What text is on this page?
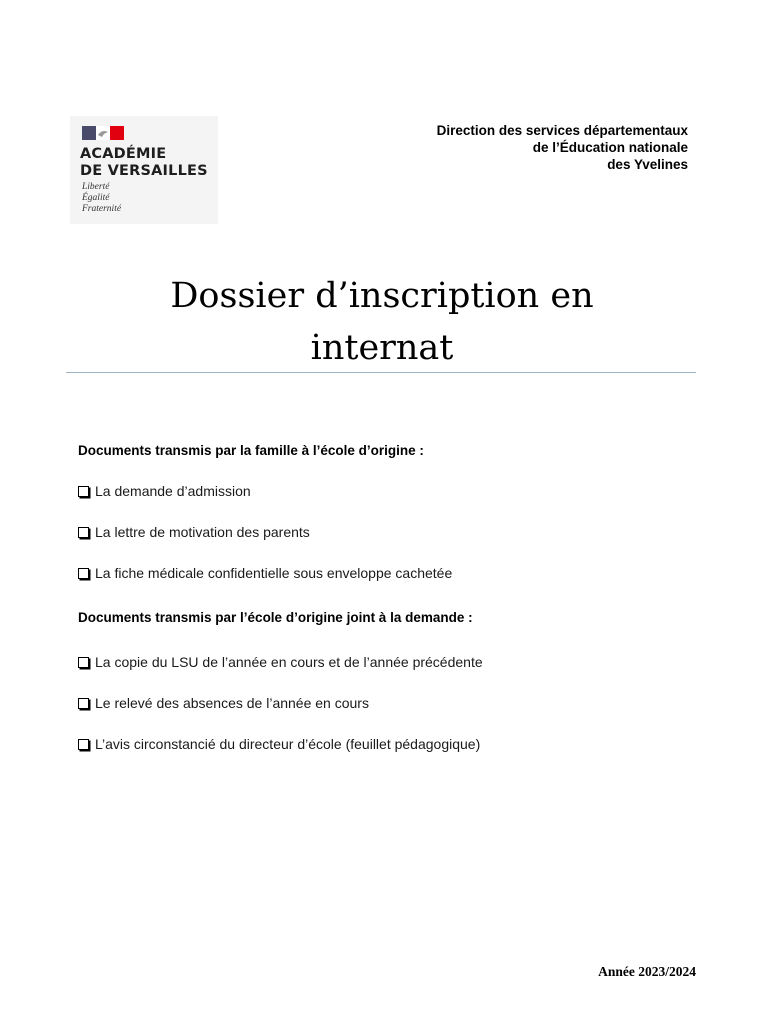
ACADÉMIE
DE VERSAILLES
Liberté
Égalité
Fraternité
Direction des services départementaux
de l’Éducation nationale
des Yvelines
Dossier d’inscription en
internat
Documents transmis par la famille à l’école d’origine :
La demande d’admission
La lettre de motivation des parents
La fiche médicale confidentielle sous enveloppe cachetée
Documents transmis par l’école d’origine joint à la demande :
La copie du LSU de l’année en cours et de l’année précédente
Le relevé des absences de l’année en cours
L’avis circonstancié du directeur d’école (feuillet pédagogique)
Année 2023/2024
